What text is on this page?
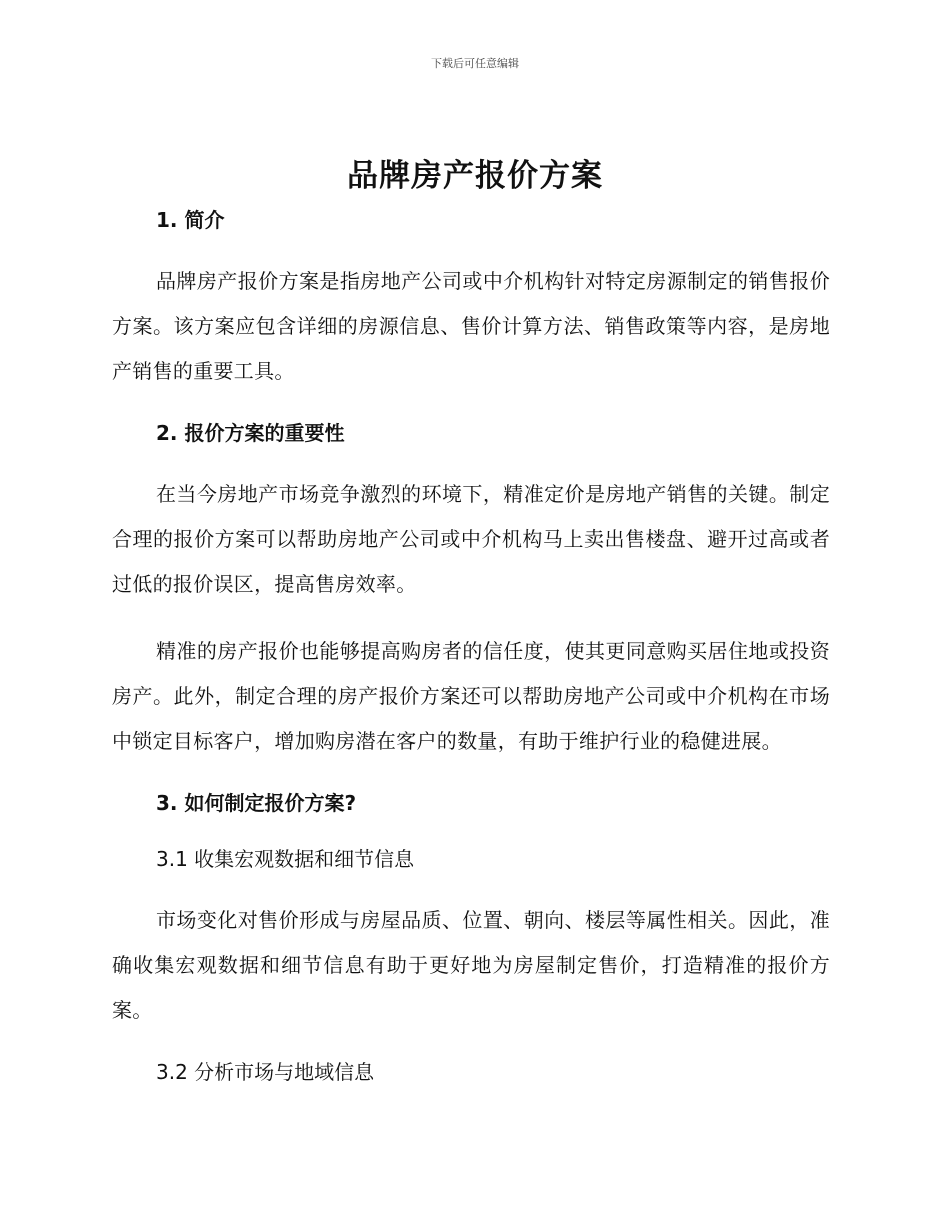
下载后可任意编辑
品牌房产报价方案
1. 简介

品牌房产报价方案是指房地产公司或中介机构针对特定房源制定的销售报价方案。该方案应包含详细的房源信息、售价计算方法、销售政策等内容，是房地产销售的重要工具。

2. 报价方案的重要性

在当今房地产市场竞争激烈的环境下，精准定价是房地产销售的关键。制定合理的报价方案可以帮助房地产公司或中介机构马上卖出售楼盘、避开过高或者过低的报价误区，提高售房效率。

精准的房产报价也能够提高购房者的信任度，使其更同意购买居住地或投资房产。此外，制定合理的房产报价方案还可以帮助房地产公司或中介机构在市场中锁定目标客户，增加购房潜在客户的数量，有助于维护行业的稳健进展。

3. 如何制定报价方案?
3.1 收集宏观数据和细节信息

市场变化对售价形成与房屋品质、位置、朝向、楼层等属性相关。因此，准确收集宏观数据和细节信息有助于更好地为房屋制定售价，打造精准的报价方案。

3.2 分析市场与地域信息
